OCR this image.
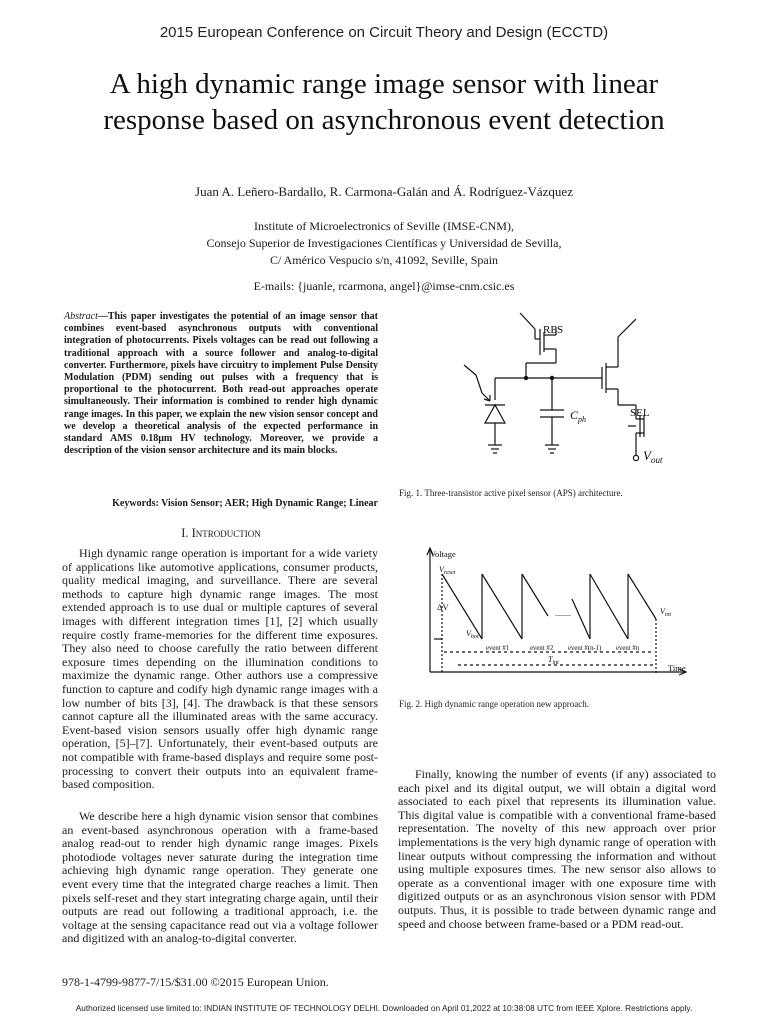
2015 European Conference on Circuit Theory and Design (ECCTD)
A high dynamic range image sensor with linear
response based on asynchronous event detection
Juan A. Leñero-Bardallo, R. Carmona-Galán and Á. Rodríguez-Vázquez
Institute of Microelectronics of Seville (IMSE-CNM),
Consejo Superior de Investigaciones Científicas y Universidad de Sevilla,
C/ Américo Vespucio s/n, 41092, Seville, Spain
E-mails: {juanle, rcarmona, angel}@imse-cnm.csic.es
Abstract—This paper investigates the potential of an image sensor that combines event-based asynchronous outputs with conventional integration of photocurrents. Pixels voltages can be read out following a traditional approach with a source follower and analog-to-digital converter. Furthermore, pixels have circuitry to implement Pulse Density Modulation (PDM) sending out pulses with a frequency that is proportional to the photocurrent. Both read-out approaches operate simultaneously. Their information is combined to render high dynamic range images. In this paper, we explain the new vision sensor concept and we develop a theoretical analysis of the expected performance in standard AMS 0.18μm HV technology. Moreover, we provide a description of the vision sensor architecture and its main blocks.
Keywords: Vision Sensor; AER; High Dynamic Range; Linear
I. Introduction
High dynamic range operation is important for a wide variety of applications like automotive applications, consumer products, quality medical imaging, and surveillance. There are several methods to capture high dynamic range images. The most extended approach is to use dual or multiple captures of several images with different integration times [1], [2] which usually require costly frame-memories for the different time exposures. They also need to choose carefully the ratio between different exposure times depending on the illumination conditions to maximize the dynamic range. Other authors use a compressive function to capture and codify high dynamic range images with a low number of bits [3], [4]. The drawback is that these sensors cannot capture all the illuminated areas with the same accuracy. Event-based vision sensors usually offer high dynamic range operation, [5]–[7]. Unfortunately, their event-based outputs are not compatible with frame-based displays and require some post-processing to convert their outputs into an equivalent frame-based composition.
We describe here a high dynamic vision sensor that combines an event-based asynchronous operation with a frame-based analog read-out to render high dynamic range images. Pixels photodiode voltages never saturate during the integration time achieving high dynamic range operation. They generate one event every time that the integrated charge reaches a limit. Then pixels self-reset and they start integrating charge again, until their outputs are read out following a traditional approach, i.e. the voltage at the sensing capacitance read out via a voltage follower and digitized with an analog-to-digital converter.
Finally, knowing the number of events (if any) associated to each pixel and its digital output, we will obtain a digital word associated to each pixel that represents its illumination value. This digital value is compatible with a conventional frame-based representation. The novelty of this new approach over prior implementations is the very high dynamic range of operation with linear outputs without compressing the information and without using multiple exposures times. The new sensor also allows to operate as a conventional imager with one exposure time with digitized outputs or as an asynchronous vision sensor with PDM outputs. Thus, it is possible to trade between dynamic range and speed and choose between frame-based or a PDM read-out.
RES
$C_{ph}$
SEL
$V_{out}$
Fig. 1. Three-transistor active pixel sensor (APS) architecture.
Voltage
Time
$V_{reset}$
ΔV
$V_{bot}$
$V_{int}$
........
event #1	event #2 event #(n-1) event #n
$T_{int}$
Fig. 2. High dynamic range operation new approach.
978-1-4799-9877-7/15/$31.00 ©2015 European Union.
Authorized licensed use limited to: INDIAN INSTITUTE OF TECHNOLOGY DELHI. Downloaded on April 01,2022 at 10:38:08 UTC from IEEE Xplore. Restrictions apply.
